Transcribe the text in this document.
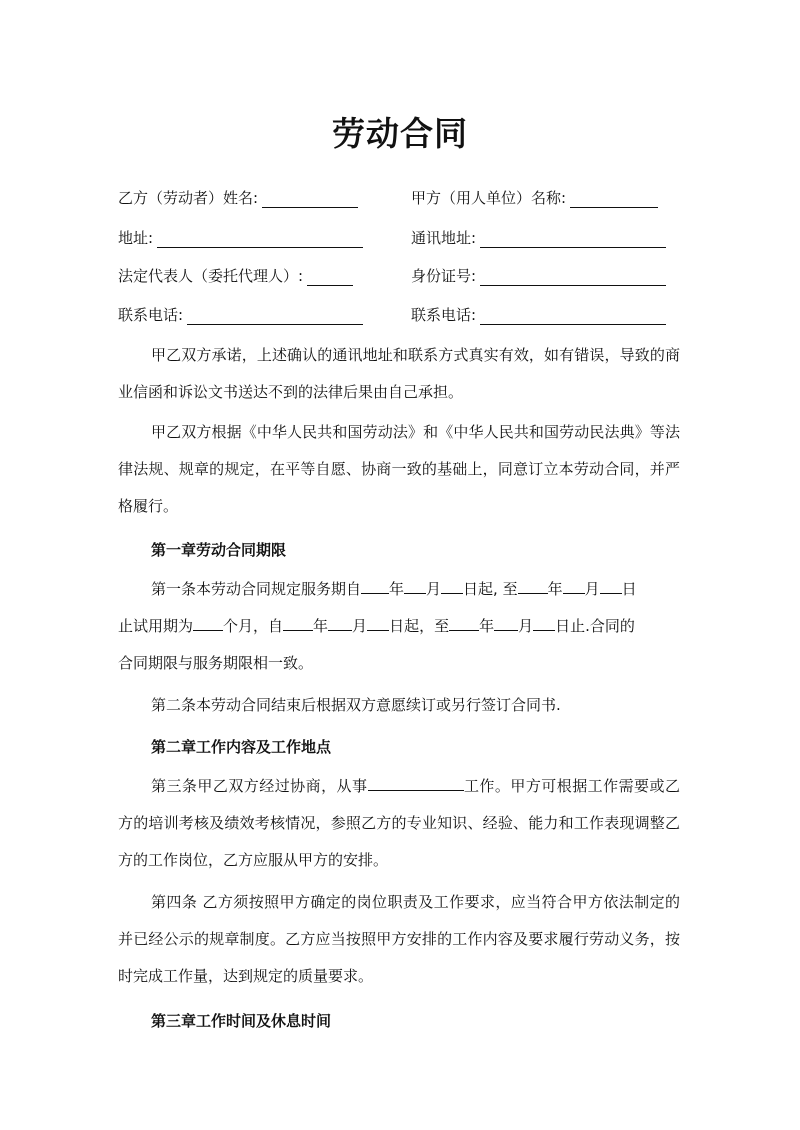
劳动合同
乙方（劳动者）姓名:	甲方（用人单位）名称:
地址:	通讯地址:
法定代表人（委托代理人）:	身份证号:
联系电话:	联系电话:
甲乙双方承诺，上述确认的通讯地址和联系方式真实有效，如有错误，导致的商业信函和诉讼文书送达不到的法律后果由自己承担。
甲乙双方根据《中华人民共和国劳动法》和《中华人民共和国劳动民法典》等法律法规、规章的规定，在平等自愿、协商一致的基础上，同意订立本劳动合同，并严格履行。
第一章劳动合同期限
第一条本劳动合同规定服务期自 年 月 日起, 至 年 月 日
止试用期为 个月，自 年 月 日起，至 年 月 日止.合同的
合同期限与服务期限相一致。
第二条本劳动合同结束后根据双方意愿续订或另行签订合同书.
第二章工作内容及工作地点
第三条甲乙双方经过协商，从事	工作。甲方可根据工作需要或乙方的培训考核及绩效考核情况，参照乙方的专业知识、经验、能力和工作表现调整乙方的工作岗位，乙方应服从甲方的安排。
第四条 乙方须按照甲方确定的岗位职责及工作要求，应当符合甲方依法制定的并已经公示的规章制度。乙方应当按照甲方安排的工作内容及要求履行劳动义务，按时完成工作量，达到规定的质量要求。
第三章工作时间及休息时间
